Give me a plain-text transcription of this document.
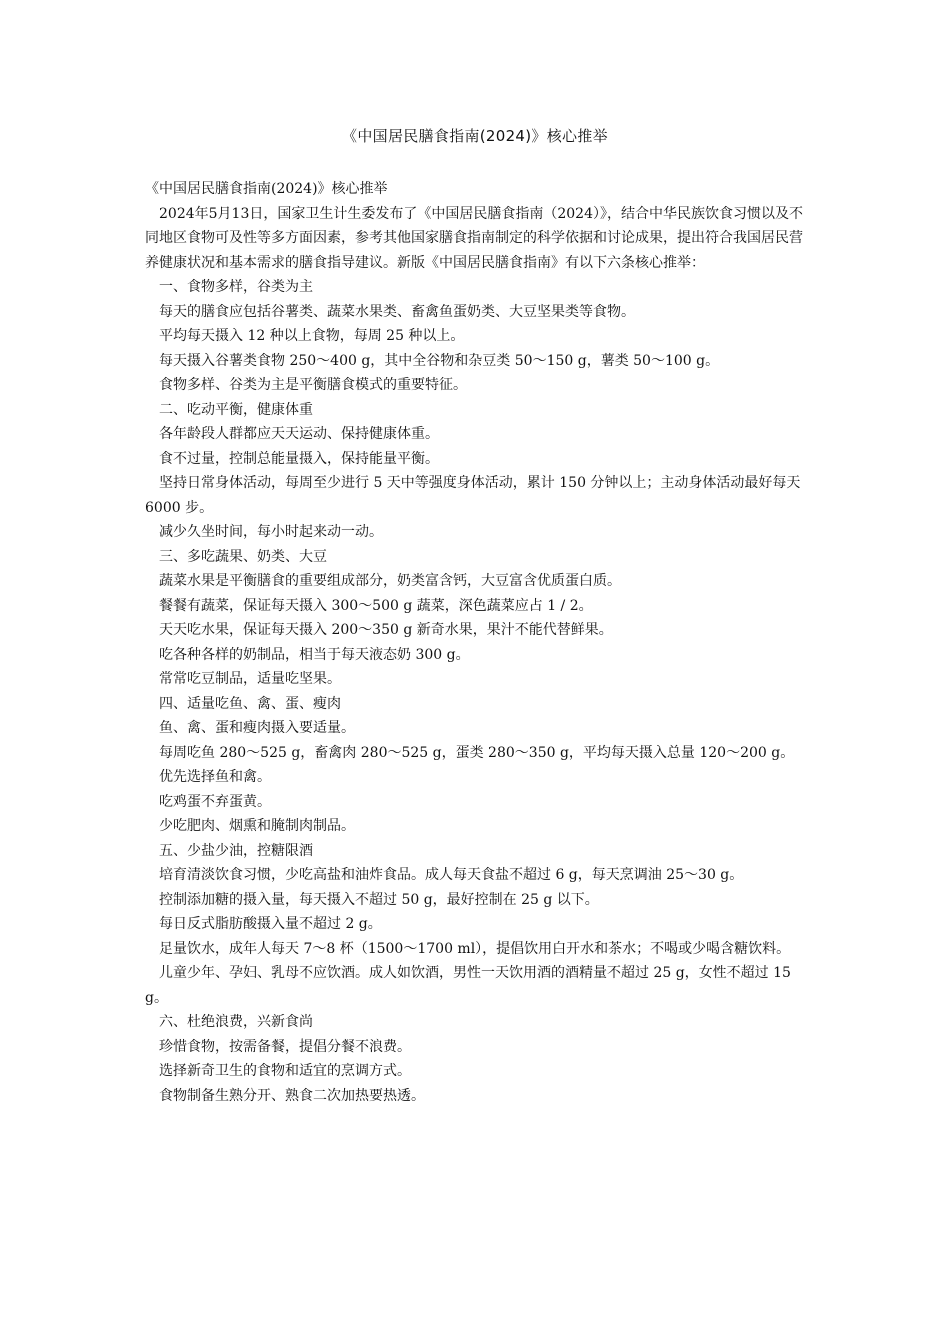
《中国居民膳食指南(2024)》核心推举

《中国居民膳食指南(2024)》核心推举

2024年5月13日，国家卫生计生委发布了《中国居民膳食指南（2024）》，结合中华民族饮食习惯以及不同地区食物可及性等多方面因素，参考其他国家膳食指南制定的科学依据和讨论成果，提出符合我国居民营养健康状况和基本需求的膳食指导建议。新版《中国居民膳食指南》有以下六条核心推举：

一、食物多样，谷类为主

每天的膳食应包括谷薯类、蔬菜水果类、畜禽鱼蛋奶类、大豆坚果类等食物。

平均每天摄入 12 种以上食物，每周 25 种以上。

每天摄入谷薯类食物 250～400 g，其中全谷物和杂豆类 50～150 g，薯类 50～100 g。

食物多样、谷类为主是平衡膳食模式的重要特征。

二、吃动平衡，健康体重

各年龄段人群都应天天运动、保持健康体重。

食不过量，控制总能量摄入，保持能量平衡。

坚持日常身体活动，每周至少进行 5 天中等强度身体活动，累计 150 分钟以上；主动身体活动最好每天 6000 步。

减少久坐时间，每小时起来动一动。

三、多吃蔬果、奶类、大豆

蔬菜水果是平衡膳食的重要组成部分，奶类富含钙，大豆富含优质蛋白质。

餐餐有蔬菜，保证每天摄入 300～500 g 蔬菜，深色蔬菜应占 1 / 2。

天天吃水果，保证每天摄入 200～350 g 新奇水果，果汁不能代替鲜果。

吃各种各样的奶制品，相当于每天液态奶 300 g。

常常吃豆制品，适量吃坚果。

四、适量吃鱼、禽、蛋、瘦肉

鱼、禽、蛋和瘦肉摄入要适量。

每周吃鱼 280～525 g，畜禽肉 280～525 g，蛋类 280～350 g，平均每天摄入总量 120～200 g。

优先选择鱼和禽。

吃鸡蛋不弃蛋黄。

少吃肥肉、烟熏和腌制肉制品。

五、少盐少油，控糖限酒

培育清淡饮食习惯，少吃高盐和油炸食品。成人每天食盐不超过 6 g，每天烹调油 25～30 g。

控制添加糖的摄入量，每天摄入不超过 50 g，最好控制在 25 g 以下。

每日反式脂肪酸摄入量不超过 2 g。

足量饮水，成年人每天 7～8 杯（1500～1700 ml），提倡饮用白开水和茶水；不喝或少喝含糖饮料。

儿童少年、孕妇、乳母不应饮酒。成人如饮酒，男性一天饮用酒的酒精量不超过 25 g，女性不超过 15 g。

六、杜绝浪费，兴新食尚

珍惜食物，按需备餐，提倡分餐不浪费。

选择新奇卫生的食物和适宜的烹调方式。

食物制备生熟分开、熟食二次加热要热透。
